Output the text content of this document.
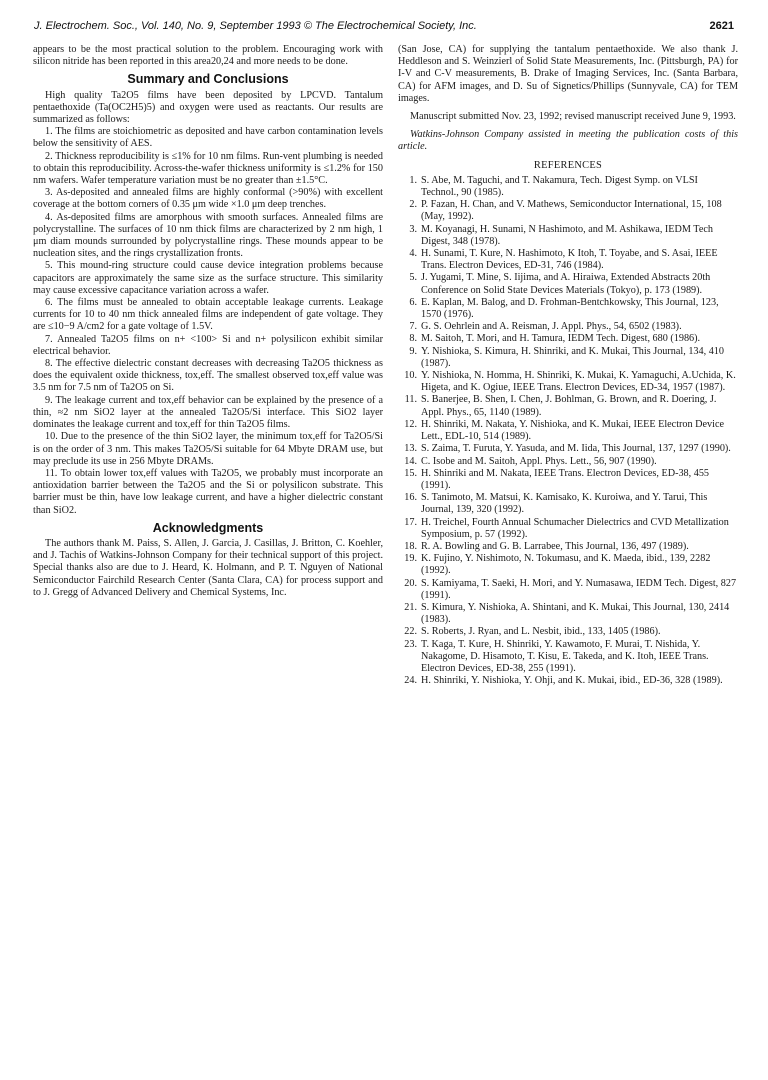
J. Electrochem. Soc., Vol. 140, No. 9, September 1993 © The Electrochemical Society, Inc.	2621

appears to be the most practical solution to the problem. Encouraging work with silicon nitride has been reported in this area20,24 and more needs to be done.

Summary and Conclusions

High quality Ta2O5 films have been deposited by LPCVD. Tantalum pentaethoxide (Ta(OC2H5)5) and oxygen were used as reactants. Our results are summarized as follows:

1. The films are stoichiometric as deposited and have carbon contamination levels below the sensitivity of AES.

2. Thickness reproducibility is ≤1% for 10 nm films. Run-vent plumbing is needed to obtain this reproducibility. Across-the-wafer thickness uniformity is ≤1.2% for 150 nm wafers. Wafer temperature variation must be no greater than ±1.5°C.

3. As-deposited and annealed films are highly conformal (>90%) with excellent coverage at the bottom corners of 0.35 μm wide ×1.0 μm deep trenches.

4. As-deposited films are amorphous with smooth surfaces. Annealed films are polycrystalline. The surfaces of 10 nm thick films are characterized by 2 nm high, 1 μm diam mounds surrounded by polycrystalline rings. These mounds appear to be nucleation sites, and the rings crystallization fronts.

5. This mound-ring structure could cause device integration problems because capacitors are approximately the same size as the surface structure. This similarity may cause excessive capacitance variation across a wafer.

6. The films must be annealed to obtain acceptable leakage currents. Leakage currents for 10 to 40 nm thick annealed films are independent of gate voltage. They are ≤10−9 A/cm2 for a gate voltage of 1.5V.

7. Annealed Ta2O5 films on n+ <100> Si and n+ polysilicon exhibit similar electrical behavior.

8. The effective dielectric constant decreases with decreasing Ta2O5 thickness as does the equivalent oxide thickness, tox,eff. The smallest observed tox,eff value was 3.5 nm for 7.5 nm of Ta2O5 on Si.

9. The leakage current and tox,eff behavior can be explained by the presence of a thin, ≈2 nm SiO2 layer at the annealed Ta2O5/Si interface. This SiO2 layer dominates the leakage current and tox,eff for thin Ta2O5 films.

10. Due to the presence of the thin SiO2 layer, the minimum tox,eff for Ta2O5/Si is on the order of 3 nm. This makes Ta2O5/Si suitable for 64 Mbyte DRAM use, but may preclude its use in 256 Mbyte DRAMs.

11. To obtain lower tox,eff values with Ta2O5, we probably must incorporate an antioxidation barrier between the Ta2O5 and the Si or polysilicon substrate. This barrier must be thin, have low leakage current, and have a higher dielectric constant than SiO2.

Acknowledgments

The authors thank M. Paiss, S. Allen, J. Garcia, J. Casillas, J. Britton, C. Koehler, and J. Tachis of Watkins-Johnson Company for their technical support of this project. Special thanks also are due to J. Heard, K. Holmann, and P. T. Nguyen of National Semiconductor Fairchild Research Center (Santa Clara, CA) for process support and to J. Gregg of Advanced Delivery and Chemical Systems, Inc.

(San Jose, CA) for supplying the tantalum pentaethoxide. We also thank J. Heddleson and S. Weinzierl of Solid State Measurements, Inc. (Pittsburgh, PA) for I-V and C-V measurements, B. Drake of Imaging Services, Inc. (Santa Barbara, CA) for AFM images, and D. Su of Signetics/Phillips (Sunnyvale, CA) for TEM images.

Manuscript submitted Nov. 23, 1992; revised manuscript received June 9, 1993.

Watkins-Johnson Company assisted in meeting the publication costs of this article.

REFERENCES
1. S. Abe, M. Taguchi, and T. Nakamura, Tech. Digest Symp. on VLSI Technol., 90 (1985).
2. P. Fazan, H. Chan, and V. Mathews, Semiconductor International, 15, 108 (May, 1992).
3. M. Koyanagi, H. Sunami, N Hashimoto, and M. Ashikawa, IEDM Tech Digest, 348 (1978).
4. H. Sunami, T. Kure, N. Hashimoto, K Itoh, T. Toyabe, and S. Asai, IEEE Trans. Electron Devices, ED-31, 746 (1984).
5. J. Yugami, T. Mine, S. Iijima, and A. Hiraiwa, Extended Abstracts 20th Conference on Solid State Devices Materials (Tokyo), p. 173 (1989).
6. E. Kaplan, M. Balog, and D. Frohman-Bentchkowsky, This Journal, 123, 1570 (1976).
7. G. S. Oehrlein and A. Reisman, J. Appl. Phys., 54, 6502 (1983).
8. M. Saitoh, T. Mori, and H. Tamura, IEDM Tech. Digest, 680 (1986).
9. Y. Nishioka, S. Kimura, H. Shinriki, and K. Mukai, This Journal, 134, 410 (1987).
10. Y. Nishioka, N. Homma, H. Shinriki, K. Mukai, K. Yamaguchi, A.Uchida, K. Higeta, and K. Ogiue, IEEE Trans. Electron Devices, ED-34, 1957 (1987).
11. S. Banerjee, B. Shen, I. Chen, J. Bohlman, G. Brown, and R. Doering, J. Appl. Phys., 65, 1140 (1989).
12. H. Shinriki, M. Nakata, Y. Nishioka, and K. Mukai, IEEE Electron Device Lett., EDL-10, 514 (1989).
13. S. Zaima, T. Furuta, Y. Yasuda, and M. Iida, This Journal, 137, 1297 (1990).
14. C. Isobe and M. Saitoh, Appl. Phys. Lett., 56, 907 (1990).
15. H. Shinriki and M. Nakata, IEEE Trans. Electron Devices, ED-38, 455 (1991).
16. S. Tanimoto, M. Matsui, K. Kamisako, K. Kuroiwa, and Y. Tarui, This Journal, 139, 320 (1992).
17. H. Treichel, Fourth Annual Schumacher Dielectrics and CVD Metallization Symposium, p. 57 (1992).
18. R. A. Bowling and G. B. Larrabee, This Journal, 136, 497 (1989).
19. K. Fujino, Y. Nishimoto, N. Tokumasu, and K. Maeda, ibid., 139, 2282 (1992).
20. S. Kamiyama, T. Saeki, H. Mori, and Y. Numasawa, IEDM Tech. Digest, 827 (1991).
21. S. Kimura, Y. Nishioka, A. Shintani, and K. Mukai, This Journal, 130, 2414 (1983).
22. S. Roberts, J. Ryan, and L. Nesbit, ibid., 133, 1405 (1986).
23. T. Kaga, T. Kure, H. Shinriki, Y. Kawamoto, F. Murai, T. Nishida, Y. Nakagome, D. Hisamoto, T. Kisu, E. Takeda, and K. Itoh, IEEE Trans. Electron Devices, ED-38, 255 (1991).
24. H. Shinriki, Y. Nishioka, Y. Ohji, and K. Mukai, ibid., ED-36, 328 (1989).
